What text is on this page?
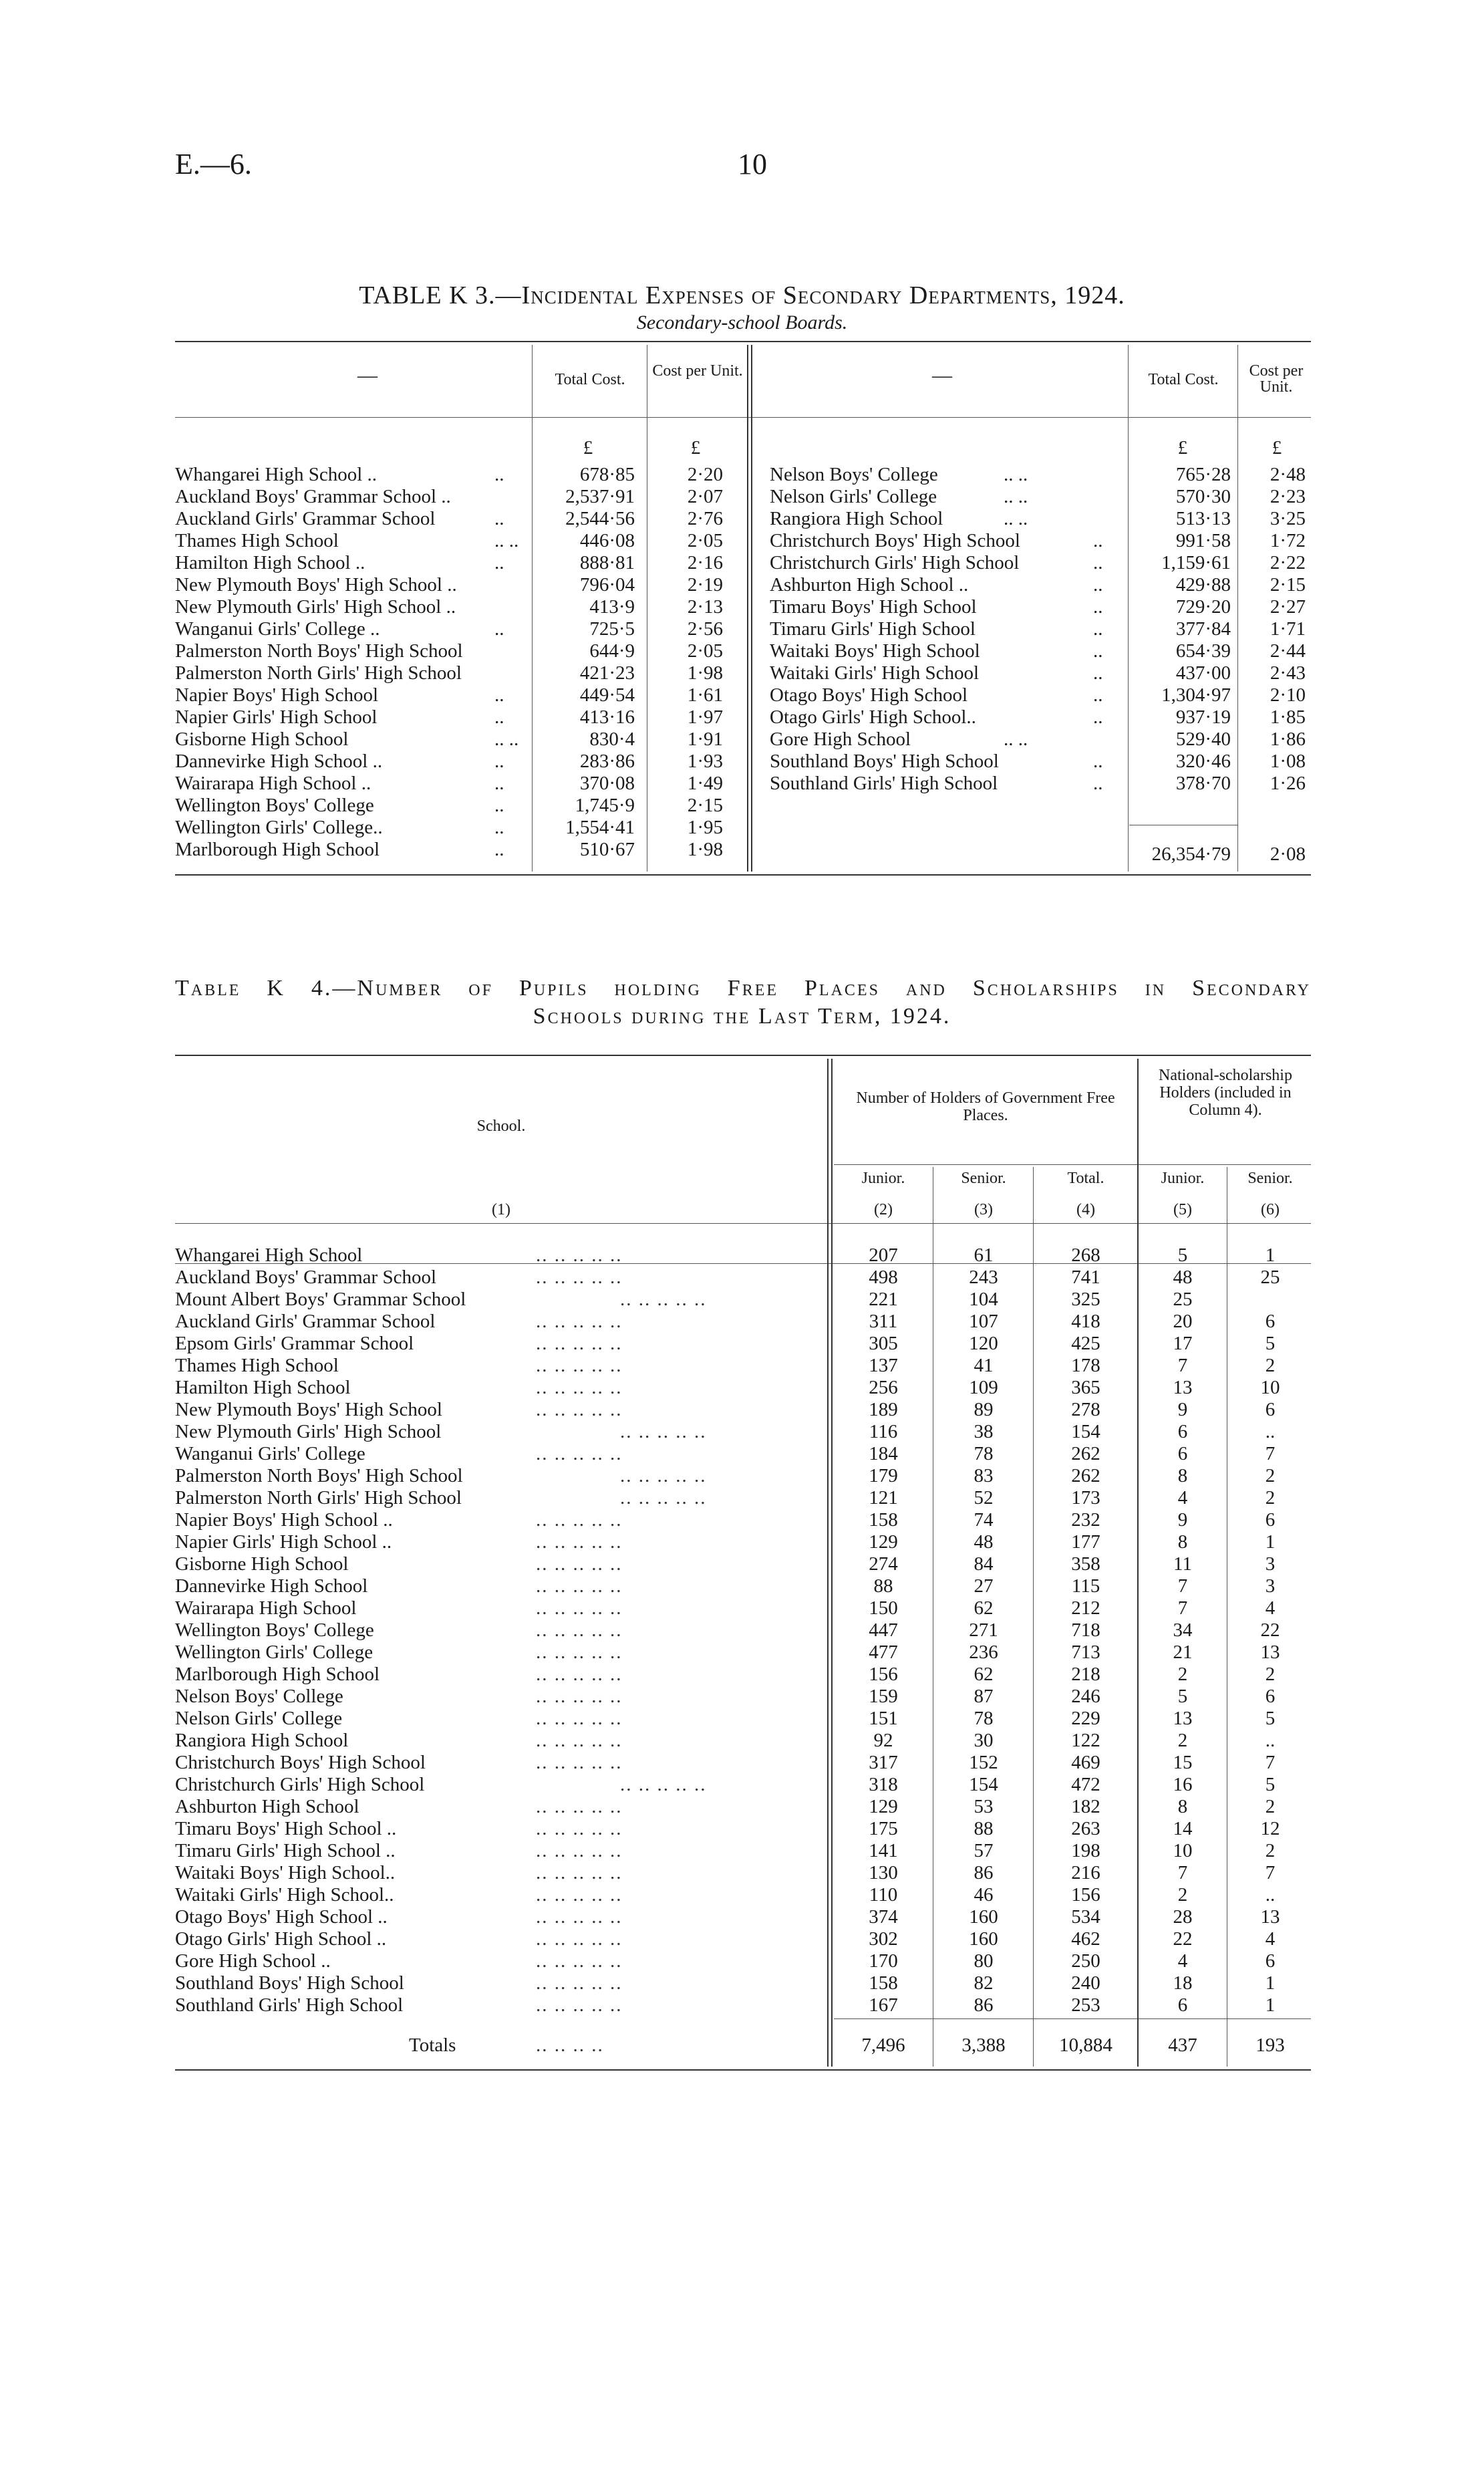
E.—6.	10
TABLE K 3.—Incidental Expenses of Secondary Departments, 1924.
Secondary-school Boards.
—	Total Cost.	Cost per Unit.	—	Total Cost.	Cost per Unit.
£	£	£	£
Whangarei High School ..	..	678·85	2·20
Auckland Boys' Grammar School ..	2,537·91	2·07
Auckland Girls' Grammar School	..	2,544·56	2·76
Thames High School	.. ..	446·08	2·05
Hamilton High School ..	..	888·81	2·16
New Plymouth Boys' High School ..	796·04	2·19
New Plymouth Girls' High School ..	413·9	2·13
Wanganui Girls' College ..	..	725·5	2·56
Palmerston North Boys' High School	644·9	2·05
Palmerston North Girls' High School	421·23	1·98
Napier Boys' High School	..	449·54	1·61
Napier Girls' High School	..	413·16	1·97
Gisborne High School	.. ..	830·4	1·91
Dannevirke High School ..	..	283·86	1·93
Wairarapa High School ..	..	370·08	1·49
Wellington Boys' College	..	1,745·9	2·15
Wellington Girls' College..	..	1,554·41	1·95
Marlborough High School	..	510·67	1·98
Nelson Boys' College	.. ..	765·28	2·48
Nelson Girls' College	.. ..	570·30	2·23
Rangiora High School	.. ..	513·13	3·25
Christchurch Boys' High School	..	991·58	1·72
Christchurch Girls' High School	..	1,159·61	2·22
Ashburton High School ..	..	429·88	2·15
Timaru Boys' High School	..	729·20	2·27
Timaru Girls' High School	..	377·84	1·71
Waitaki Boys' High School	..	654·39	2·44
Waitaki Girls' High School	..	437·00	2·43
Otago Boys' High School	..	1,304·97	2·10
Otago Girls' High School..	..	937·19	1·85
Gore High School	.. ..	529·40	1·86
Southland Boys' High School	..	320·46	1·08
Southland Girls' High School	..	378·70	1·26
26,354·79 2·08
Table K 4.—Number of Pupils holding Free Places and Scholarships in Secondary
Schools during the Last Term, 1924.
School.
Number of Holders of Government Free Places.
National-scholarship Holders (included in Column 4).
Junior.	Senior.	Total.	Junior.	Senior.
(1)	(2)	(3)	(4)	(5)	(6)
Whangarei High School	.. .. .. .. ..	207	61	268	5	1
Auckland Boys' Grammar School	.. .. .. .. ..	498	243	741	48	25
Mount Albert Boys' Grammar School	.. .. .. .. ..	221	104	325	25
Auckland Girls' Grammar School	.. .. .. .. ..	311	107	418	20	6
Epsom Girls' Grammar School	.. .. .. .. ..	305	120	425	17	5
Thames High School	.. .. .. .. ..	137	41	178	7	2
Hamilton High School	.. .. .. .. ..	256	109	365	13	10
New Plymouth Boys' High School	.. .. .. .. ..	189	89	278	9	6
New Plymouth Girls' High School	.. .. .. .. ..	116	38	154	6	..
Wanganui Girls' College	.. .. .. .. ..	184	78	262	6	7
Palmerston North Boys' High School	.. .. .. .. ..	179	83	262	8	2
Palmerston North Girls' High School	.. .. .. .. ..	121	52	173	4	2
Napier Boys' High School ..	.. .. .. .. ..	158	74	232	9	6
Napier Girls' High School ..	.. .. .. .. ..	129	48	177	8	1
Gisborne High School	.. .. .. .. ..	274	84	358	11	3
Dannevirke High School	.. .. .. .. ..	88	27	115	7	3
Wairarapa High School	.. .. .. .. ..	150	62	212	7	4
Wellington Boys' College	.. .. .. .. ..	447	271	718	34	22
Wellington Girls' College	.. .. .. .. ..	477	236	713	21	13
Marlborough High School	.. .. .. .. ..	156	62	218	2	2
Nelson Boys' College	.. .. .. .. ..	159	87	246	5	6
Nelson Girls' College	.. .. .. .. ..	151	78	229	13	5
Rangiora High School	.. .. .. .. ..	92	30	122	2	..
Christchurch Boys' High School	.. .. .. .. ..	317	152	469	15	7
Christchurch Girls' High School	.. .. .. .. ..	318	154	472	16	5
Ashburton High School	.. .. .. .. ..	129	53	182	8	2
Timaru Boys' High School ..	.. .. .. .. ..	175	88	263	14	12
Timaru Girls' High School ..	.. .. .. .. ..	141	57	198	10	2
Waitaki Boys' High School..	.. .. .. .. ..	130	86	216	7	7
Waitaki Girls' High School..	.. .. .. .. ..	110	46	156	2	..
Otago Boys' High School ..	.. .. .. .. ..	374	160	534	28	13
Otago Girls' High School ..	.. .. .. .. ..	302	160	462	22	4
Gore High School ..	.. .. .. .. ..	170	80	250	4	6
Southland Boys' High School	.. .. .. .. ..	158	82	240	18	1
Southland Girls' High School	.. .. .. .. ..	167	86	253	6	1
Totals	.. .. .. ..	7,496	3,388	10,884	437	193
